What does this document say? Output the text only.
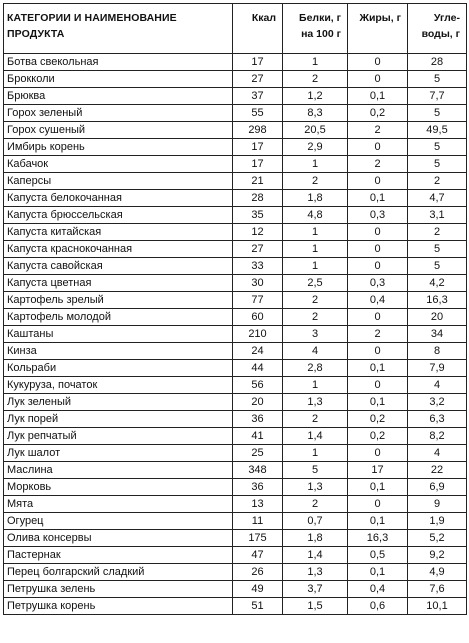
КАТЕГОРИИ И НАИМЕНОВАНИЕ ПРОДУКТА	Ккал	Белки, г на 100 г	Жиры, г	Угле-воды, г
Ботва свекольная	17	1	0	28
Брокколи	27	2	0	5
Брюква	37	1,2	0,1	7,7
Горох зеленый	55	8,3	0,2	5
Горох сушеный	298	20,5	2	49,5
Имбирь корень	17	2,9	0	5
Кабачок	17	1	2	5
Каперсы	21	2	0	2
Капуста белокочанная	28	1,8	0,1	4,7
Капуста брюссельская	35	4,8	0,3	3,1
Капуста китайская	12	1	0	2
Капуста краснокочанная	27	1	0	5
Капуста савойская	33	1	0	5
Капуста цветная	30	2,5	0,3	4,2
Картофель зрелый	77	2	0,4	16,3
Картофель молодой	60	2	0	20
Каштаны	210	3	2	34
Кинза	24	4	0	8
Кольраби	44	2,8	0,1	7,9
Кукуруза, початок	56	1	0	4
Лук зеленый	20	1,3	0,1	3,2
Лук порей	36	2	0,2	6,3
Лук репчатый	41	1,4	0,2	8,2
Лук шалот	25	1	0	4
Маслина	348	5	17	22
Морковь	36	1,3	0,1	6,9
Мята	13	2	0	9
Огурец	11	0,7	0,1	1,9
Олива консервы	175	1,8	16,3	5,2
Пастернак	47	1,4	0,5	9,2
Перец болгарский сладкий	26	1,3	0,1	4,9
Петрушка зелень	49	3,7	0,4	7,6
Петрушка корень	51	1,5	0,6	10,1
